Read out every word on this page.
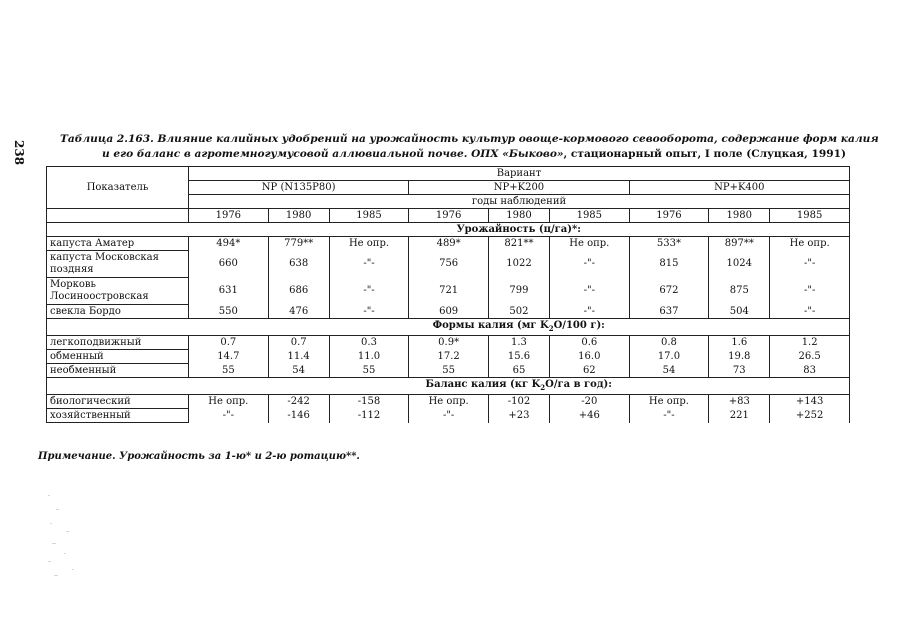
238
Таблица 2.163. Влияние калийных удобрений на урожайность культур овоще-кормового севооборота, содержание форм калия
и его баланс в агротемногумусовой аллювиальной почве. ОПХ «Быково», стационарный опыт, I поле (Слуцкая, 1991)
Показатель	Вариант								
	NP (N135P80)			NP+K200			NP+K400		
	годы наблюдений								
	1976	1980	1985	1976	1980	1985	1976	1980	1985
	Урожайность (ц/га)*:								
капуста Аматер	494*	779**	Не опр.	489*	821**	Не опр.	533*	897**	Не опр.
капуста Московская поздняя	660	638	-"-	756	1022	-"-	815	1024	-"-
Морковь Лосиноостровская	631	686	-"-	721	799	-"-	672	875	-"-
свекла Бордо	550	476	-"-	609	502	-"-	637	504	-"-
	Формы калия (мг $K_2O/100$ г):								
легкоподвижный	0.7	0.7	0.3	0.9*	1.3	0.6	0.8	1.6	1.2
обменный	14.7	11.4	11.0	17.2	15.6	16.0	17.0	19.8	26.5
необменный	55	54	55	55	65	62	54	73	83
	Баланс калия (кг $K_2O/га$ в год):								
биологический	Не опр.	-242	-158	Не опр.	-102	-20	Не опр.	+83	+143
хозяйственный	-"-	-146	-112	-"-	+23	+46	-"-	221	+252
Примечание. Урожайность за 1-ю* и 2-ю ротацию**.
